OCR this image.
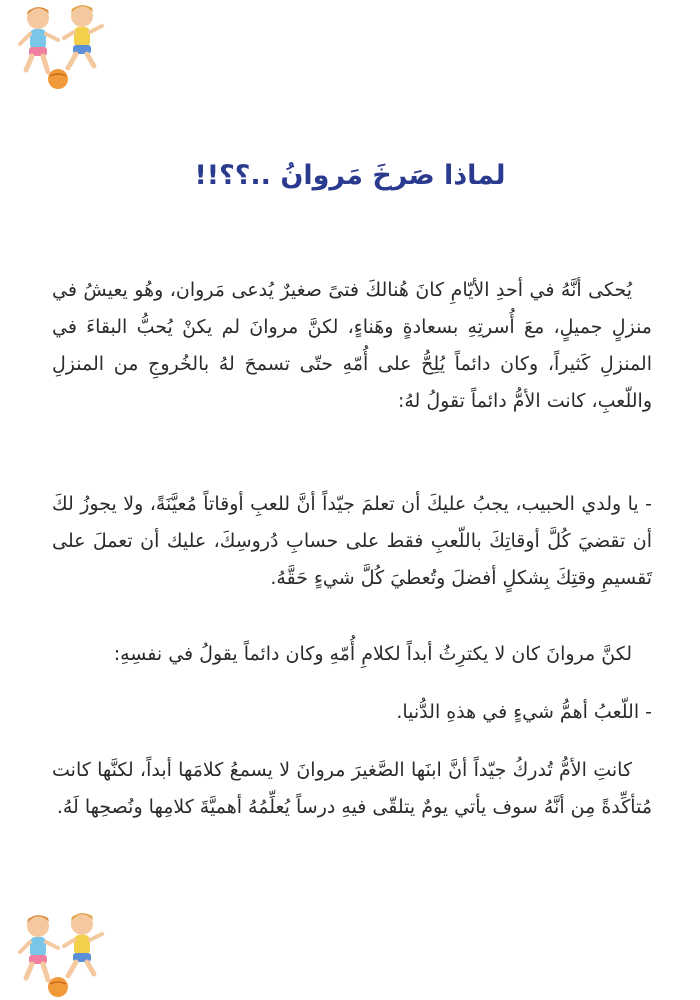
لماذا صَرخَ مَروانُ ..؟؟!!

يُحكى أنَّهُ في أحدِ الأيّامِ كانَ هُنالكَ فتىً صغيرٌ يُدعى مَروان، وهُو يعيشُ في منزلٍ جميلٍ، معَ أُسرتِهِ بسعادةٍ وهَناءٍ، لكنَّ مروانَ لم يكنْ يُحبُّ البقاءَ في المنزلِ كَثيراً، وكان دائماً يُلِحُّ على أُمّهِ حتّى تسمحَ لهُ بالخُروجِ من المنزلِ واللّعبِ، كانت الأمُّ دائماً تقولُ لهُ:

- يا ولدي الحبيب، يجبُ عليكَ أن تعلمَ جيّداً أنَّ للعبِ أوقاتاً مُعيَّنَةً، ولا يجوزُ لكَ أن تقضيَ كُلَّ أوقاتِكَ باللّعبِ فقط على حسابِ دُروسِكَ، عليك أن تعملَ على تَقسيمِ وقتِكَ بِشكلٍ أفضلَ وتُعطيَ كُلَّ شيءٍ حَقَّهُ.

لكنَّ مروانَ كان لا يكترِثُ أبداً لكلامِ أُمّهِ وكان دائماً يقولُ في نفسِهِ:

- اللّعبُ أهمُّ شيءٍ في هذهِ الدُّنيا.

كانتِ الأمُّ تُدركُ جيّداً أنَّ ابنَها الصَّغيرَ مروانَ لا يسمعُ كلامَها أبداً، لكنَّها كانت مُتأكِّدةً مِن أنَّهُ سوف يأتي يومٌ يتلقّى فيهِ درساً يُعلِّمُهُ أهميَّةَ كلامِها ونُصحِها لَهُ.
